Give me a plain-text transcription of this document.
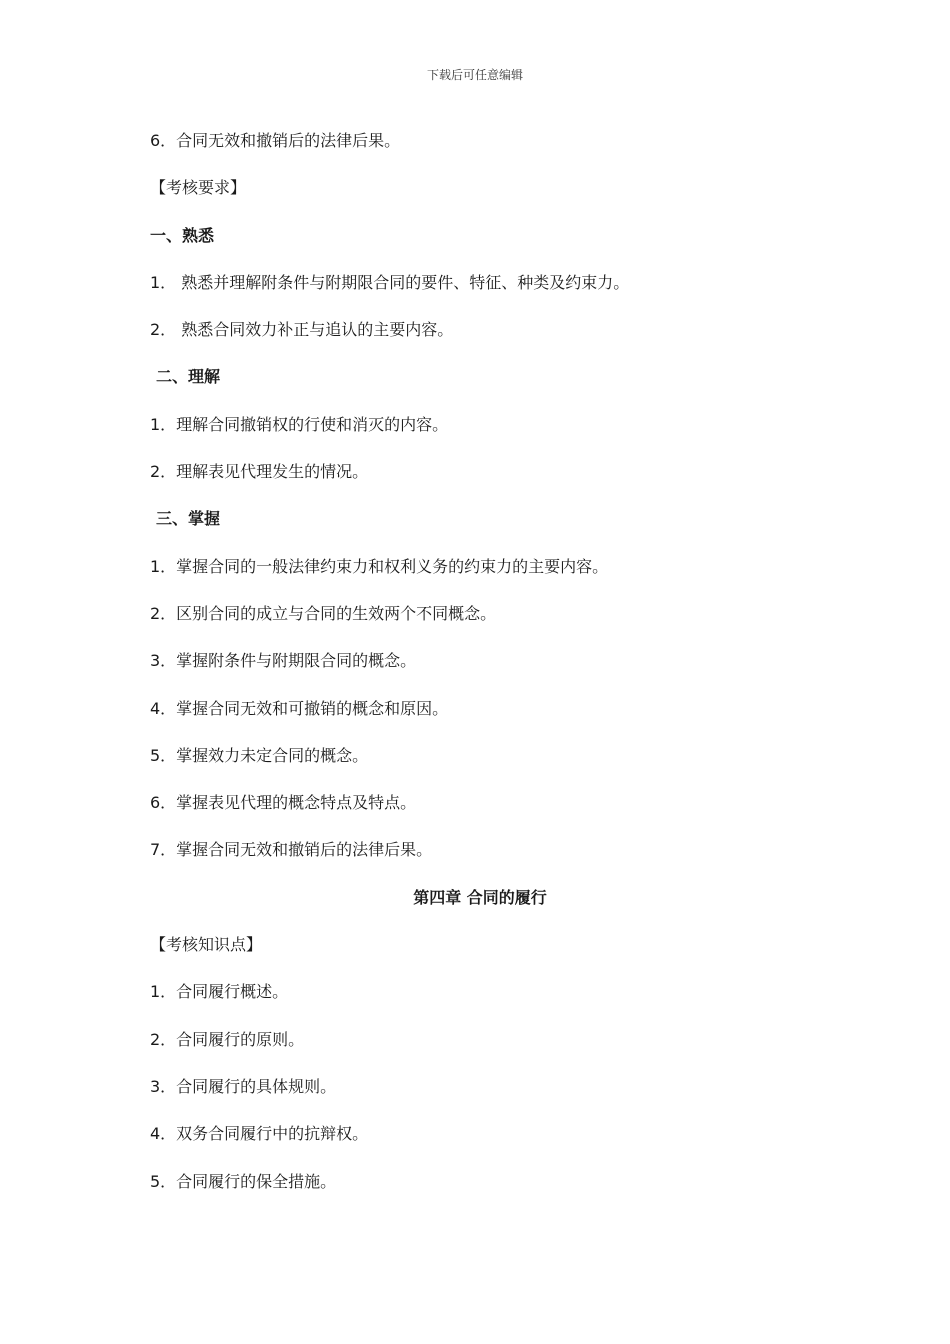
下载后可任意编辑
6．合同无效和撤销后的法律后果。
【考核要求】
一、熟悉
1． 熟悉并理解附条件与附期限合同的要件、特征、种类及约束力。
2． 熟悉合同效力补正与追认的主要内容。
二、理解
1．理解合同撤销权的行使和消灭的内容。
2．理解表见代理发生的情况。
三、掌握
1．掌握合同的一般法律约束力和权利义务的约束力的主要内容。
2．区别合同的成立与合同的生效两个不同概念。
3．掌握附条件与附期限合同的概念。
4．掌握合同无效和可撤销的概念和原因。
5．掌握效力未定合同的概念。
6．掌握表见代理的概念特点及特点。
7．掌握合同无效和撤销后的法律后果。
第四章 合同的履行
【考核知识点】
1．合同履行概述。
2．合同履行的原则。
3．合同履行的具体规则。
4．双务合同履行中的抗辩权。
5．合同履行的保全措施。
